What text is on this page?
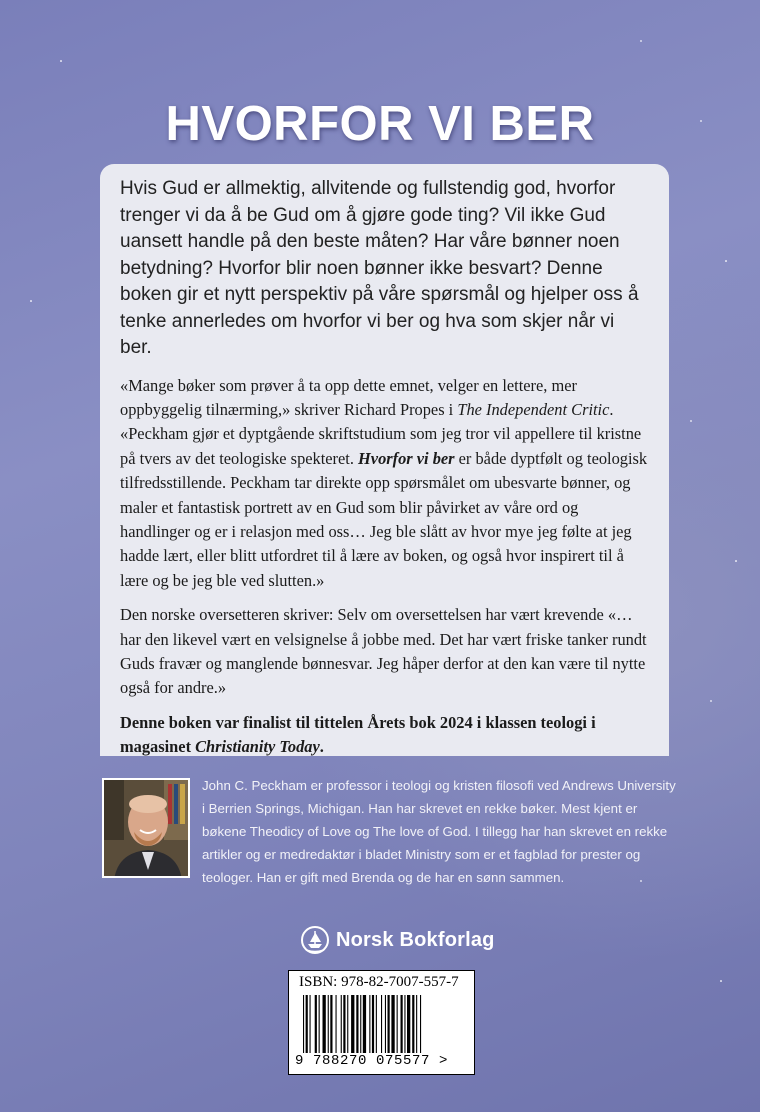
HVORFOR VI BER

Hvis Gud er allmektig, allvitende og fullstendig god, hvorfor trenger vi da å be Gud om å gjøre gode ting? Vil ikke Gud uansett handle på den beste måten? Har våre bønner noen betydning? Hvorfor blir noen bønner ikke besvart? Denne boken gir et nytt perspektiv på våre spørsmål og hjelper oss å tenke annerledes om hvorfor vi ber og hva som skjer når vi ber.

«Mange bøker som prøver å ta opp dette emnet, velger en lettere, mer oppbyggelig tilnærming,» skriver Richard Propes i The Independent Critic. «Peckham gjør et dyptgående skriftstudium som jeg tror vil appellere til kristne på tvers av det teologiske spekteret. Hvorfor vi ber er både dyptfølt og teologisk tilfredsstillende. Peckham tar direkte opp spørsmålet om ubesvarte bønner, og maler et fantastisk portrett av en Gud som blir påvirket av våre ord og handlinger og er i relasjon med oss… Jeg ble slått av hvor mye jeg følte at jeg hadde lært, eller blitt utfordret til å lære av boken, og også hvor inspirert til å lære og be jeg ble ved slutten.»

Den norske oversetteren skriver: Selv om oversettelsen har vært krevende «…har den likevel vært en velsignelse å jobbe med. Det har vært friske tanker rundt Guds fravær og manglende bønnesvar. Jeg håper derfor at den kan være til nytte også for andre.»

Denne boken var finalist til tittelen Årets bok 2024 i klassen teologi i magasinet Christianity Today.

John C. Peckham er professor i teologi og kristen filosofi ved Andrews University i Berrien Springs, Michigan. Han har skrevet en rekke bøker. Mest kjent er bøkene Theodicy of Love og The love of God. I tillegg har han skrevet en rekke artikler og er medredaktør i bladet Ministry som er et fagblad for prester og teologer. Han er gift med Brenda og de har en sønn sammen.
Norsk Bokforlag
ISBN: 978-82-7007-557-7
9 788270 075577 >
